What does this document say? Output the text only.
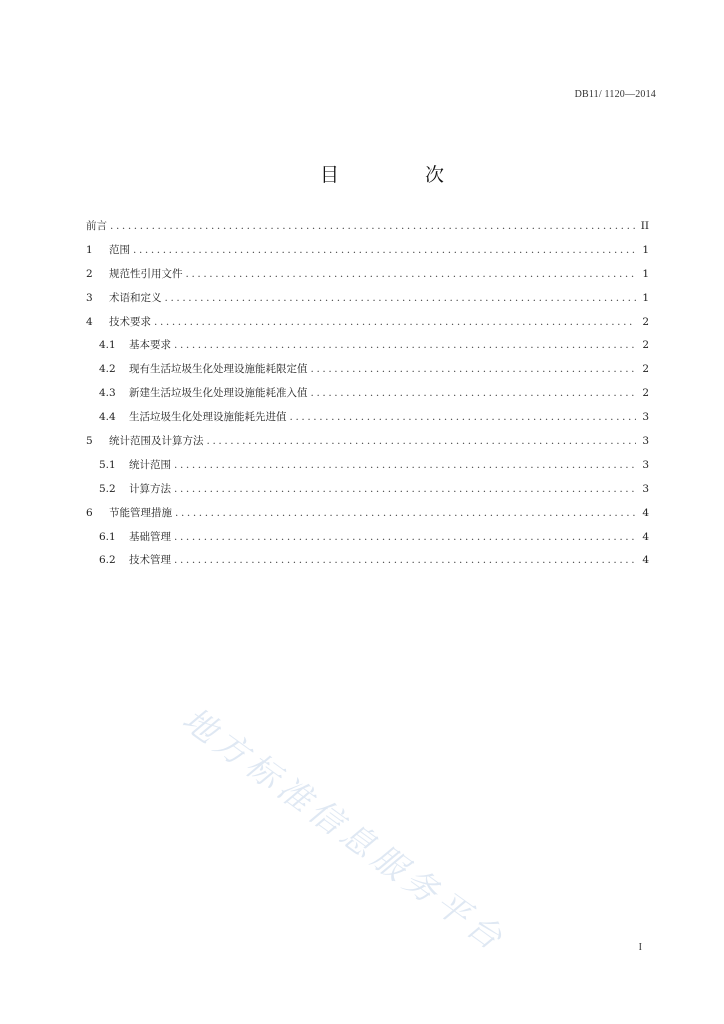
DB11/ 1120—2014
目 次
前言 .....	II
1	范围 .....	1
2	规范性引用文件 .....	1
3	术语和定义 .....	1
4	技术要求 .....	2
4.1	基本要求 .....	2
4.2	现有生活垃圾生化处理设施能耗限定值 .....	2
4.3	新建生活垃圾生化处理设施能耗准入值 .....	2
4.4	生活垃圾生化处理设施能耗先进值 .....	3
5	统计范围及计算方法 .....	3
5.1	统计范围 .....	3
5.2	计算方法 .....	3
6	节能管理措施 .....	4
6.1	基础管理 .....	4
6.2	技术管理 .....	4
地方标准信息服务平台	I
